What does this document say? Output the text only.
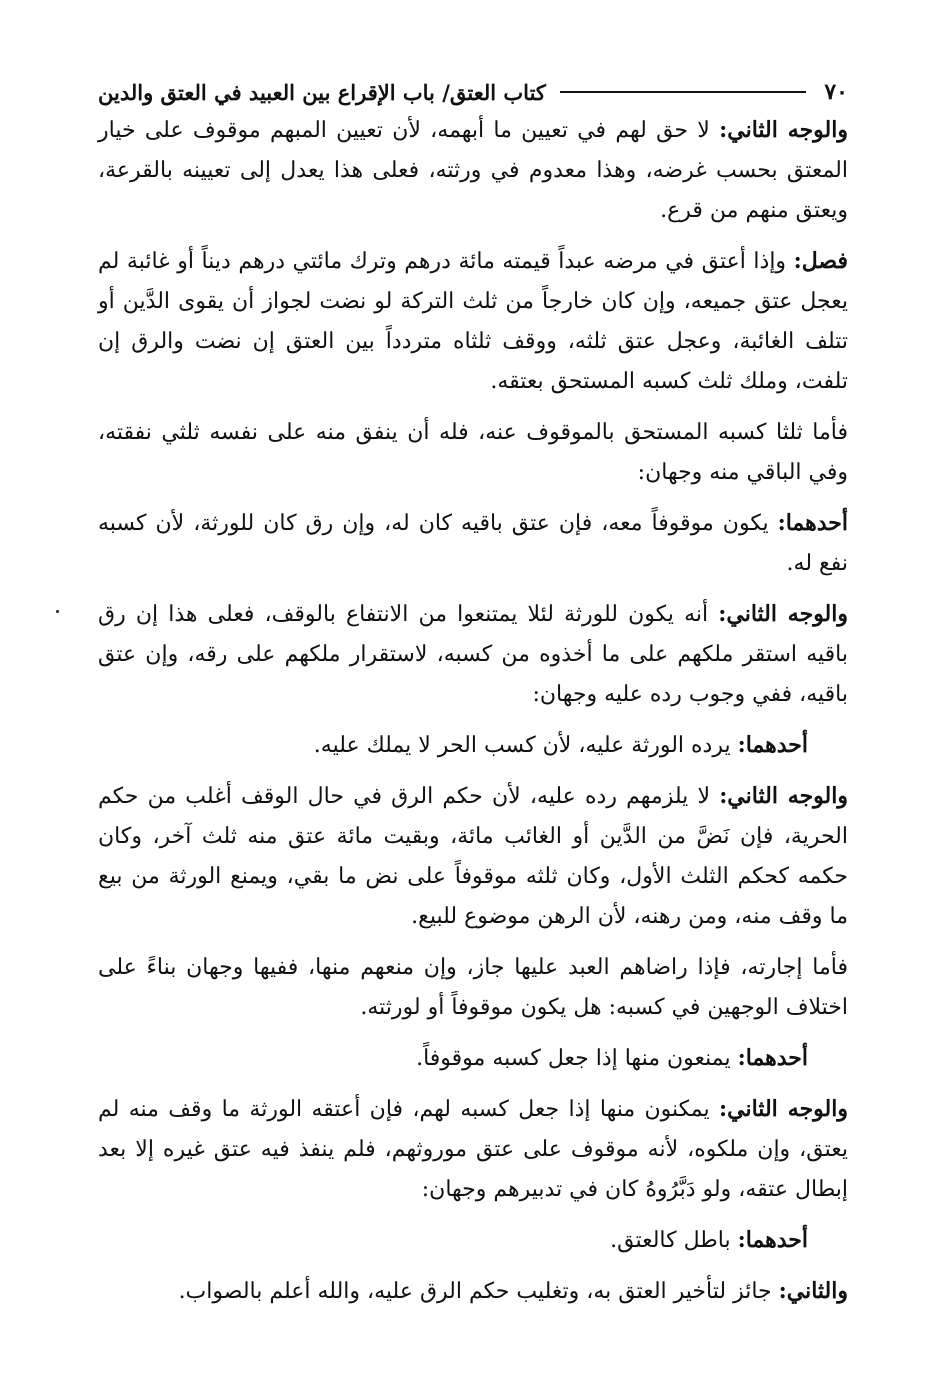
٧٠
كتاب العتق/ باب الإقراع بين العبيد في العتق والدين

والوجه الثاني: لا حق لهم في تعيين ما أبهمه، لأن تعيين المبهم موقوف على خيار المعتق بحسب غرضه، وهذا معدوم في ورثته، فعلى هذا يعدل إلى تعيينه بالقرعة، ويعتق منهم من قرع.

فصل: وإذا أعتق في مرضه عبداً قيمته مائة درهم وترك مائتي درهم ديناً أو غائبة لم يعجل عتق جميعه، وإن كان خارجاً من ثلث التركة لو نضت لجواز أن يقوى الدَّين أو تتلف الغائبة، وعجل عتق ثلثه، ووقف ثلثاه متردداً بين العتق إن نضت والرق إن تلفت، وملك ثلث كسبه المستحق بعتقه.

فأما ثلثا كسبه المستحق بالموقوف عنه، فله أن ينفق منه على نفسه ثلثي نفقته، وفي الباقي منه وجهان:

أحدهما: يكون موقوفاً معه، فإن عتق باقيه كان له، وإن رق كان للورثة، لأن كسبه نفع له.

والوجه الثاني: أنه يكون للورثة لئلا يمتنعوا من الانتفاع بالوقف، فعلى هذا إن رق باقيه استقر ملكهم على ما أخذوه من كسبه، لاستقرار ملكهم على رقه، وإن عتق باقيه، ففي وجوب رده عليه وجهان:

أحدهما: يرده الورثة عليه، لأن كسب الحر لا يملك عليه.

والوجه الثاني: لا يلزمهم رده عليه، لأن حكم الرق في حال الوقف أغلب من حكم الحرية، فإن نَضَّ من الدَّين أو الغائب مائة، وبقيت مائة عتق منه ثلث آخر، وكان حكمه كحكم الثلث الأول، وكان ثلثه موقوفاً على نض ما بقي، ويمنع الورثة من بيع ما وقف منه، ومن رهنه، لأن الرهن موضوع للبيع.

فأما إجارته، فإذا راضاهم العبد عليها جاز، وإن منعهم منها، ففيها وجهان بناءً على اختلاف الوجهين في كسبه: هل يكون موقوفاً أو لورثته.

أحدهما: يمنعون منها إذا جعل كسبه موقوفاً.

والوجه الثاني: يمكنون منها إذا جعل كسبه لهم، فإن أعتقه الورثة ما وقف منه لم يعتق، وإن ملكوه، لأنه موقوف على عتق موروثهم، فلم ينفذ فيه عتق غيره إلا بعد إبطال عتقه، ولو دَبَّرُوهُ كان في تدبيرهم وجهان:

أحدهما: باطل كالعتق.

والثاني: جائز لتأخير العتق به، وتغليب حكم الرق عليه، والله أعلم بالصواب.
